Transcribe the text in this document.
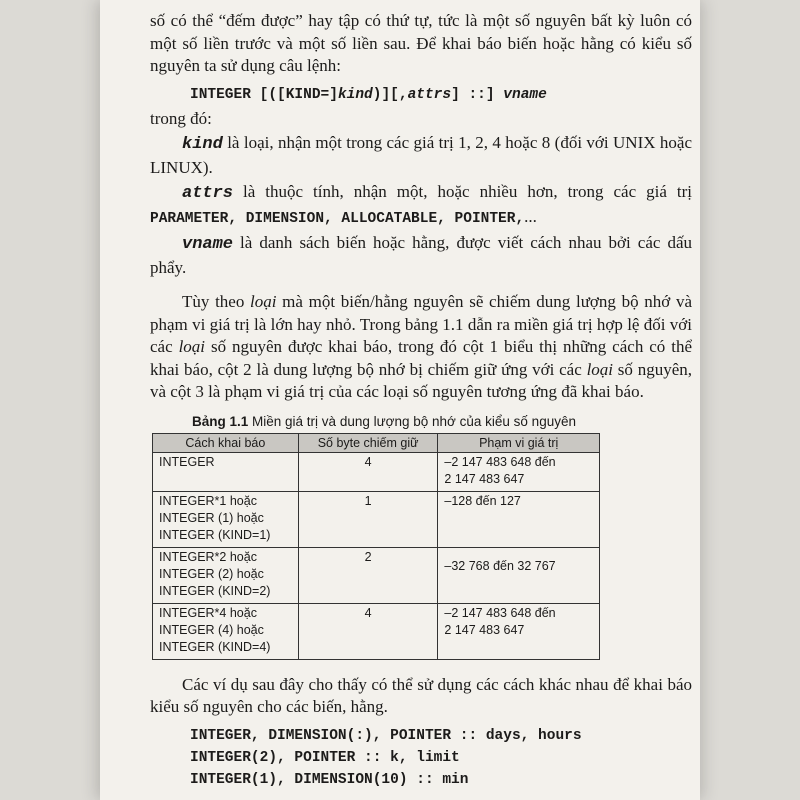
số có thể “đếm được” hay tập có thứ tự, tức là một số nguyên bất kỳ luôn có một số liền trước và một số liền sau. Để khai báo biến hoặc hằng có kiểu số nguyên ta sử dụng câu lệnh:

INTEGER [([KIND=]kind)][,attrs] ::] vname

trong đó:

kind là loại, nhận một trong các giá trị 1, 2, 4 hoặc 8 (đối với UNIX hoặc LINUX).

attrs là thuộc tính, nhận một, hoặc nhiều hơn, trong các giá trị PARAMETER, DIMENSION, ALLOCATABLE, POINTER,...

vname là danh sách biến hoặc hằng, được viết cách nhau bởi các dấu phẩy.

Tùy theo loại mà một biến/hằng nguyên sẽ chiếm dung lượng bộ nhớ và phạm vi giá trị là lớn hay nhỏ. Trong bảng 1.1 dẫn ra miền giá trị hợp lệ đối với các loại số nguyên được khai báo, trong đó cột 1 biểu thị những cách có thể khai báo, cột 2 là dung lượng bộ nhớ bị chiếm giữ ứng với các loại số nguyên, và cột 3 là phạm vi giá trị của các loại số nguyên tương ứng đã khai báo.

Bảng 1.1 Miền giá trị và dung lượng bộ nhớ của kiểu số nguyên
Cách khai báo	Số byte chiếm giữ	Phạm vi giá trị

INTEGER	4	–2 147 483 648 đến
2 147 483 647

INTEGER*1 hoặc
INTEGER (1) hoặc
INTEGER (KIND=1)	1	–128 đến 127

INTEGER*2 hoặc
INTEGER (2) hoặc
INTEGER (KIND=2)	2	–32 768 đến 32 767

INTEGER*4 hoặc
INTEGER (4) hoặc
INTEGER (KIND=4)	4	–2 147 483 648 đến
2 147 483 647

Các ví dụ sau đây cho thấy có thể sử dụng các cách khác nhau để khai báo kiểu số nguyên cho các biến, hằng.

INTEGER, DIMENSION(:), POINTER :: days, hours
INTEGER(2), POINTER :: k, limit
INTEGER(1), DIMENSION(10) :: min
